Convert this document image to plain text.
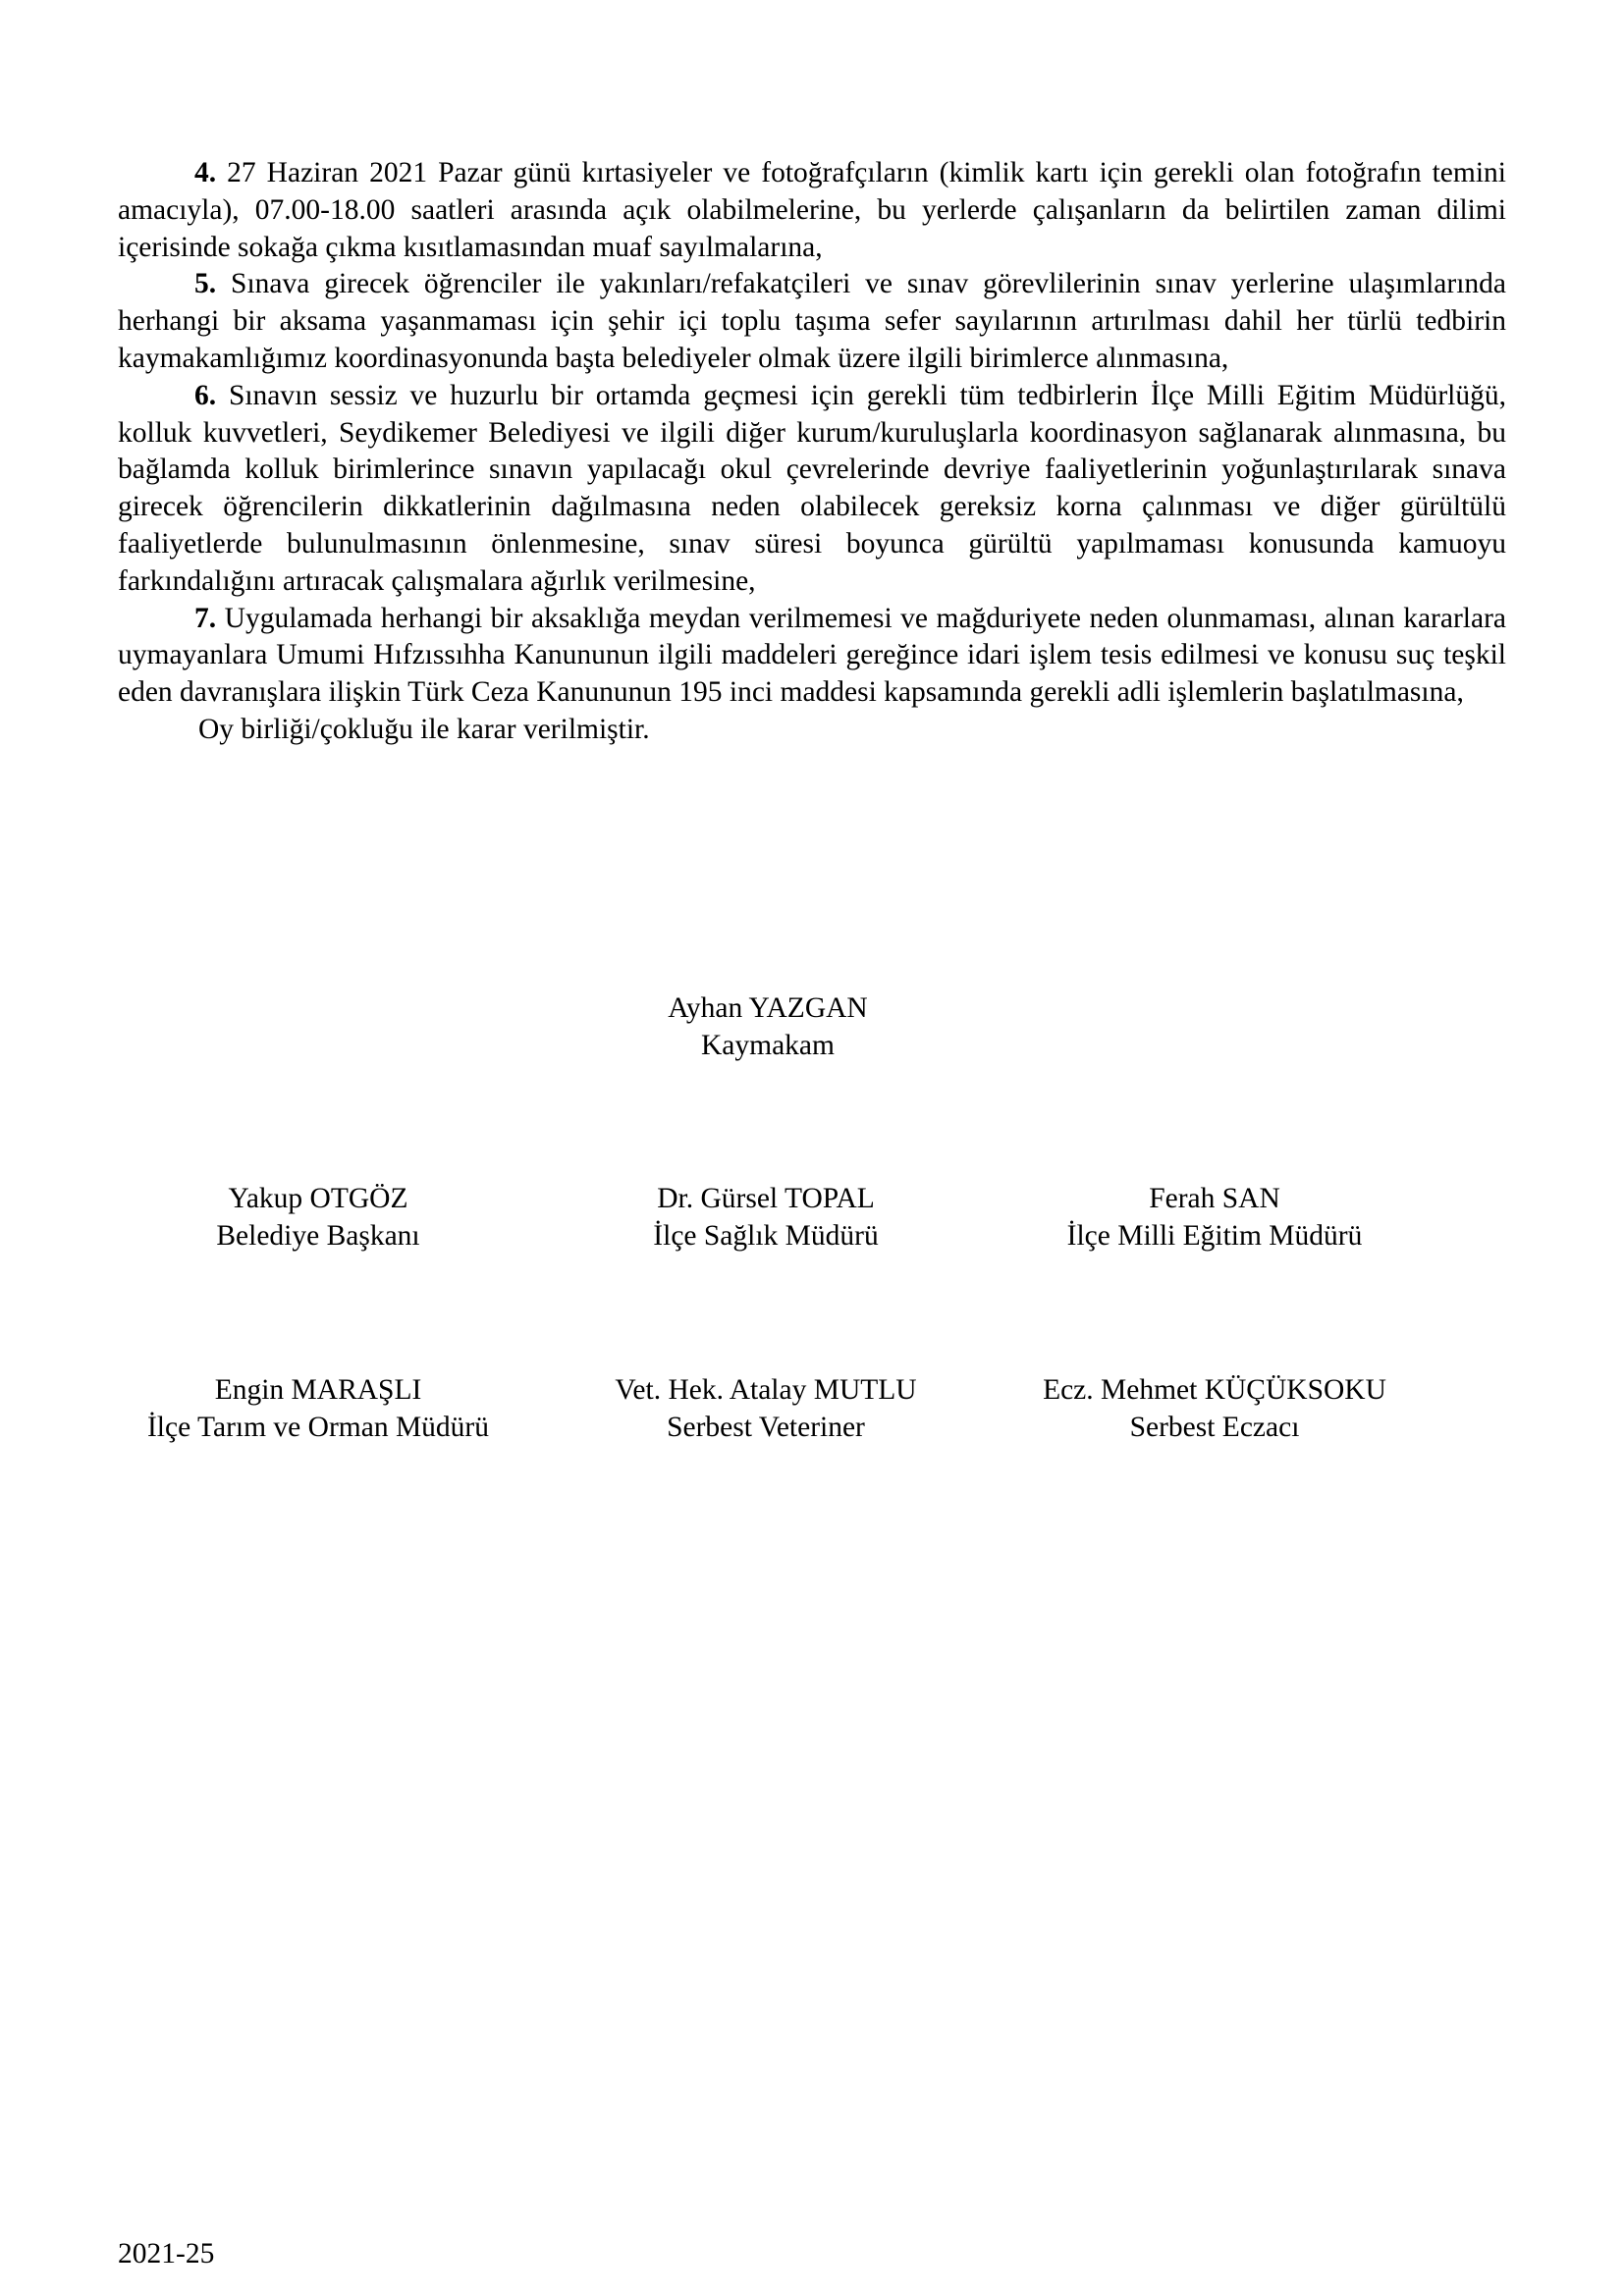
4. 27 Haziran 2021 Pazar günü kırtasiyeler ve fotoğrafçıların (kimlik kartı için gerekli olan fotoğrafın temini amacıyla), 07.00-18.00 saatleri arasında açık olabilmelerine, bu yerlerde çalışanların da belirtilen zaman dilimi içerisinde sokağa çıkma kısıtlamasından muaf sayılmalarına,

5. Sınava girecek öğrenciler ile yakınları/refakatçileri ve sınav görevlilerinin sınav yerlerine ulaşımlarında herhangi bir aksama yaşanmaması için şehir içi toplu taşıma sefer sayılarının artırılması dahil her türlü tedbirin kaymakamlığımız koordinasyonunda başta belediyeler olmak üzere ilgili birimlerce alınmasına,

6. Sınavın sessiz ve huzurlu bir ortamda geçmesi için gerekli tüm tedbirlerin İlçe Milli Eğitim Müdürlüğü, kolluk kuvvetleri, Seydikemer Belediyesi ve ilgili diğer kurum/kuruluşlarla koordinasyon sağlanarak alınmasına, bu bağlamda kolluk birimlerince sınavın yapılacağı okul çevrelerinde devriye faaliyetlerinin yoğunlaştırılarak sınava girecek öğrencilerin dikkatlerinin dağılmasına neden olabilecek gereksiz korna çalınması ve diğer gürültülü faaliyetlerde bulunulmasının önlenmesine, sınav süresi boyunca gürültü yapılmaması konusunda kamuoyu farkındalığını artıracak çalışmalara ağırlık verilmesine,

7. Uygulamada herhangi bir aksaklığa meydan verilmemesi ve mağduriyete neden olunmaması, alınan kararlara uymayanlara Umumi Hıfzıssıhha Kanununun ilgili maddeleri gereğince idari işlem tesis edilmesi ve konusu suç teşkil eden davranışlara ilişkin Türk Ceza Kanununun 195 inci maddesi kapsamında gerekli adli işlemlerin başlatılmasına,

Oy birliği/çokluğu ile karar verilmiştir.

Ayhan YAZGAN
Kaymakam
Yakup OTGÖZ
Belediye Başkanı
Dr. Gürsel TOPAL
İlçe Sağlık Müdürü
Ferah SAN
İlçe Milli Eğitim Müdürü
Engin MARAŞLI
İlçe Tarım ve Orman Müdürü
Vet. Hek. Atalay MUTLU
Serbest Veteriner
Ecz. Mehmet KÜÇÜKSOKU
Serbest Eczacı
2021-25
